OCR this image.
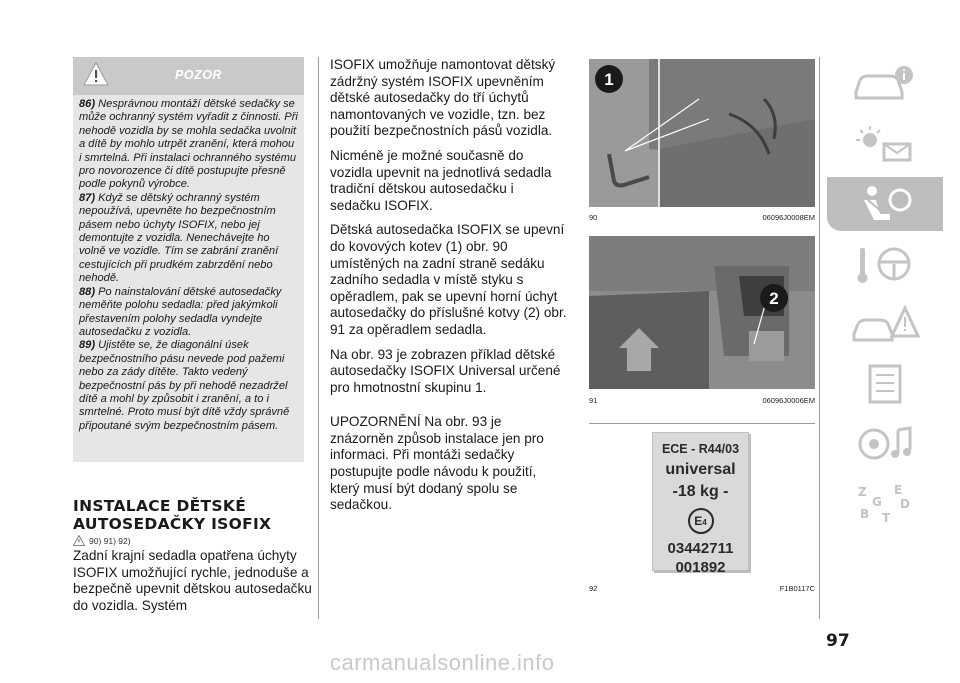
POZOR

86) Nesprávnou montáží dětské sedačky se může ochranný systém vyřadit z činnosti. Při nehodě vozidla by se mohla sedačka uvolnit a dítě by mohlo utrpět zranění, která mohou i smrtelná. Při instalaci ochranného systému pro novorozence či dítě postupujte přesně podle pokynů výrobce.

87) Když se dětský ochranný systém nepoužívá, upevněte ho bezpečnostním pásem nebo úchyty ISOFIX, nebo jej demontujte z vozidla. Nenechávejte ho volně ve vozidle. Tím se zabrání zranění cestujících při prudkém zabrzdění nebo nehodě.

88) Po nainstalování dětské autosedačky neměňte polohu sedadla: před jakýmkoli přestavením polohy sedadla vyndejte autosedačku z vozidla.

89) Ujistěte se, že diagonální úsek bezpečnostního pásu nevede pod pažemi nebo za zády dítěte. Takto vedený bezpečnostní pás by při nehodě nezadržel dítě a mohl by způsobit i zranění, a to i smrtelné. Proto musí být dítě vždy správně připoutané svým bezpečnostním pásem.

INSTALACE DĚTSKÉ
AUTOSEDAČKY ISOFIX
90) 91) 92)

Zadní krajní sedadla opatřena úchyty ISOFIX umožňující rychle, jednoduše a bezpečně upevnit dětskou autosedačku do vozidla. Systém

ISOFIX umožňuje namontovat dětský zádržný systém ISOFIX upevněním dětské autosedačky do tří úchytů namontovaných ve vozidle, tzn. bez použití bezpečnostních pásů vozidla.

Nicméně je možné současně do vozidla upevnit na jednotlivá sedadla tradiční dětskou autosedačku i sedačku ISOFIX.

Dětská autosedačka ISOFIX se upevní do kovových kotev (1) obr. 90 umístěných na zadní straně sedáku zadního sedadla v místě styku s opěradlem, pak se upevní horní úchyt autosedačky do příslušné kotvy (2) obr. 91 za opěradlem sedadla.

Na obr. 93 je zobrazen příklad dětské autosedačky ISOFIX Universal určené pro hmotnostní skupinu 1.

UPOZORNĚNÍ Na obr. 93 je znázorněn způsob instalace jen pro informaci. Při montáži sedačky postupujte podle návodu k použití, který musí být dodaný spolu se sedačkou.

1
90	06096J0008EM
2
91	06096J0006EM
ECE - R44/03
universal
-18 kg -
E4
03442711
001892
92	F1B0117C
Z E
G D
B T
97
carmanualsonline.info
